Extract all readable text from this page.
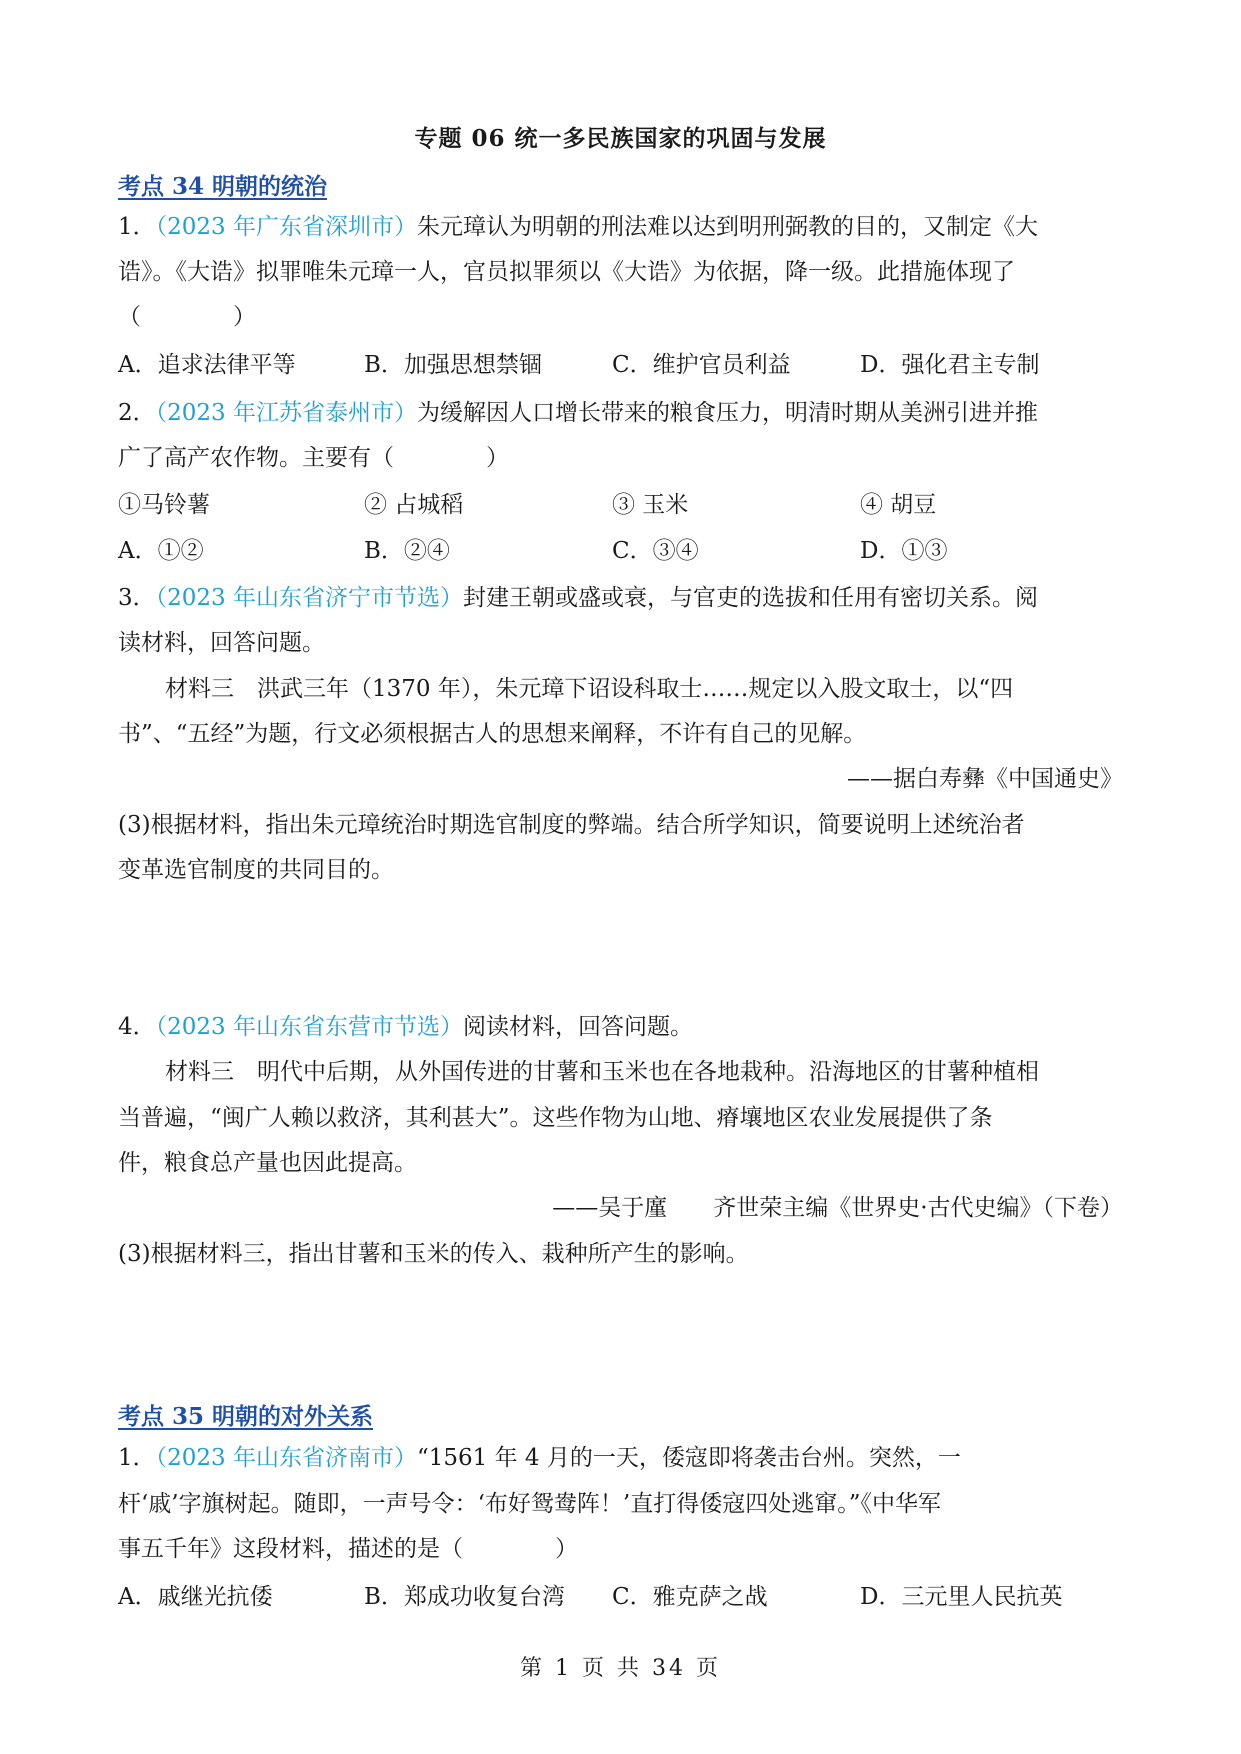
专题 06 统一多民族国家的巩固与发展
考点 34 明朝的统治
1．（2023 年广东省深圳市）朱元璋认为明朝的刑法难以达到明刑弼教的目的，又制定《大
诰》。《大诰》拟罪唯朱元璋一人，官员拟罪须以《大诰》为依据，降一级。此措施体现了
（　　　　）
A．追求法律平等	B．加强思想禁锢	C．维护官员利益	D．强化君主专制
2．（2023 年江苏省泰州市）为缓解因人口增长带来的粮食压力，明清时期从美洲引进并推
广了高产农作物。主要有（　　　　）
①马铃薯	② 占城稻	③ 玉米	④ 胡豆
A．①②	B．②④	C．③④	D．①③
3．（2023 年山东省济宁市节选）封建王朝或盛或衰，与官吏的选拔和任用有密切关系。阅
读材料，回答问题。
材料三　洪武三年（1370 年），朱元璋下诏设科取士……规定以入股文取士，以“四
书”、“五经”为题，行文必须根据古人的思想来阐释，不许有自己的见解。
——据白寿彝《中国通史》
(3)根据材料，指出朱元璋统治时期选官制度的弊端。结合所学知识，简要说明上述统治者
变革选官制度的共同目的。
4．（2023 年山东省东营市节选）阅读材料，回答问题。
材料三　明代中后期，从外国传进的甘薯和玉米也在各地栽种。沿海地区的甘薯种植相
当普遍，“闽广人赖以救济，其利甚大”。这些作物为山地、瘠壤地区农业发展提供了条
件，粮食总产量也因此提高。
——吴于廑　　齐世荣主编《世界史·古代史编》（下卷）
(3)根据材料三，指出甘薯和玉米的传入、栽种所产生的影响。
考点 35 明朝的对外关系
1．（2023 年山东省济南市）“1561 年 4 月的一天，倭寇即将袭击台州。突然，一
杆‘戚’字旗树起。随即，一声号令：‘布好鸳鸯阵！’直打得倭寇四处逃窜。”《中华军
事五千年》这段材料，描述的是（　　　　）
A．戚继光抗倭	B．郑成功收复台湾 C．雅克萨之战	D．三元里人民抗英
第 1 页 共 34 页
